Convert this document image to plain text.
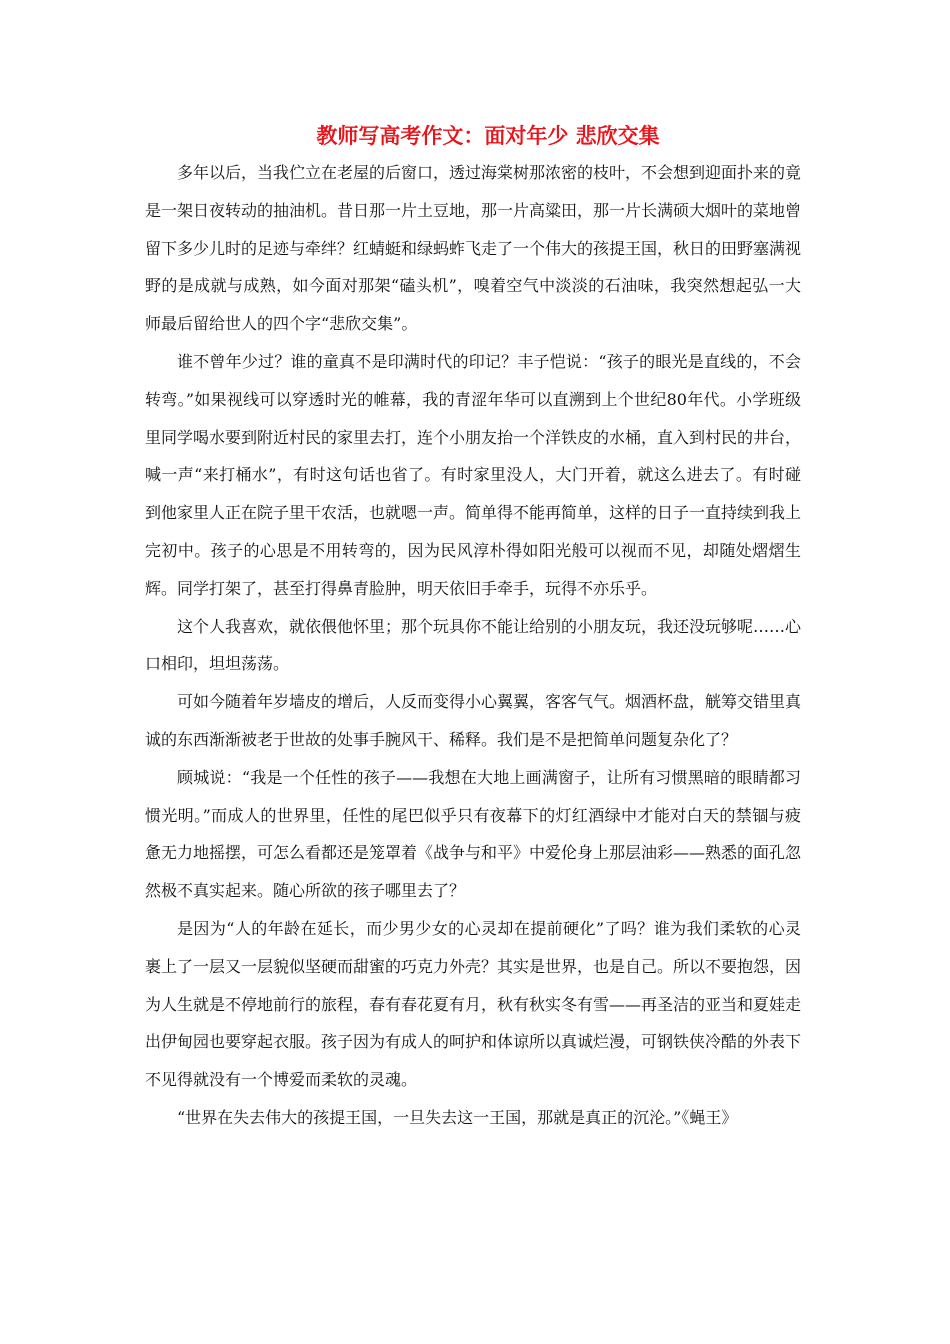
教师写高考作文：面对年少 悲欣交集

多年以后，当我伫立在老屋的后窗口，透过海棠树那浓密的枝叶，不会想到迎面扑来的竟是一架日夜转动的抽油机。昔日那一片土豆地，那一片高粱田，那一片长满硕大烟叶的菜地曾留下多少儿时的足迹与牵绊？红蜻蜓和绿蚂蚱飞走了一个伟大的孩提王国，秋日的田野塞满视野的是成就与成熟，如今面对那架“磕头机”，嗅着空气中淡淡的石油味，我突然想起弘一大师最后留给世人的四个字“悲欣交集”。

谁不曾年少过？谁的童真不是印满时代的印记？丰子恺说：“孩子的眼光是直线的，不会转弯。”如果视线可以穿透时光的帷幕，我的青涩年华可以直溯到上个世纪80年代。小学班级里同学喝水要到附近村民的家里去打，连个小朋友抬一个洋铁皮的水桶，直入到村民的井台，喊一声“来打桶水”，有时这句话也省了。有时家里没人，大门开着，就这么进去了。有时碰到他家里人正在院子里干农活，也就嗯一声。简单得不能再简单，这样的日子一直持续到我上完初中。孩子的心思是不用转弯的，因为民风淳朴得如阳光般可以视而不见，却随处熠熠生辉。同学打架了，甚至打得鼻青脸肿，明天依旧手牵手，玩得不亦乐乎。

这个人我喜欢，就依偎他怀里；那个玩具你不能让给别的小朋友玩，我还没玩够呢……心口相印，坦坦荡荡。

可如今随着年岁墙皮的增后，人反而变得小心翼翼，客客气气。烟酒杯盘，觥筹交错里真诚的东西渐渐被老于世故的处事手腕风干、稀释。我们是不是把简单问题复杂化了？

顾城说：“我是一个任性的孩子——我想在大地上画满窗子，让所有习惯黑暗的眼睛都习惯光明。”而成人的世界里，任性的尾巴似乎只有夜幕下的灯红酒绿中才能对白天的禁锢与疲惫无力地摇摆，可怎么看都还是笼罩着《战争与和平》中爱伦身上那层油彩——熟悉的面孔忽然极不真实起来。随心所欲的孩子哪里去了？

是因为“人的年龄在延长，而少男少女的心灵却在提前硬化”了吗？谁为我们柔软的心灵裹上了一层又一层貌似坚硬而甜蜜的巧克力外壳？其实是世界，也是自己。所以不要抱怨，因为人生就是不停地前行的旅程，春有春花夏有月，秋有秋实冬有雪——再圣洁的亚当和夏娃走出伊甸园也要穿起衣服。孩子因为有成人的呵护和体谅所以真诚烂漫，可钢铁侠冷酷的外表下不见得就没有一个博爱而柔软的灵魂。

“世界在失去伟大的孩提王国，一旦失去这一王国，那就是真正的沉沦。”《蝇王》
